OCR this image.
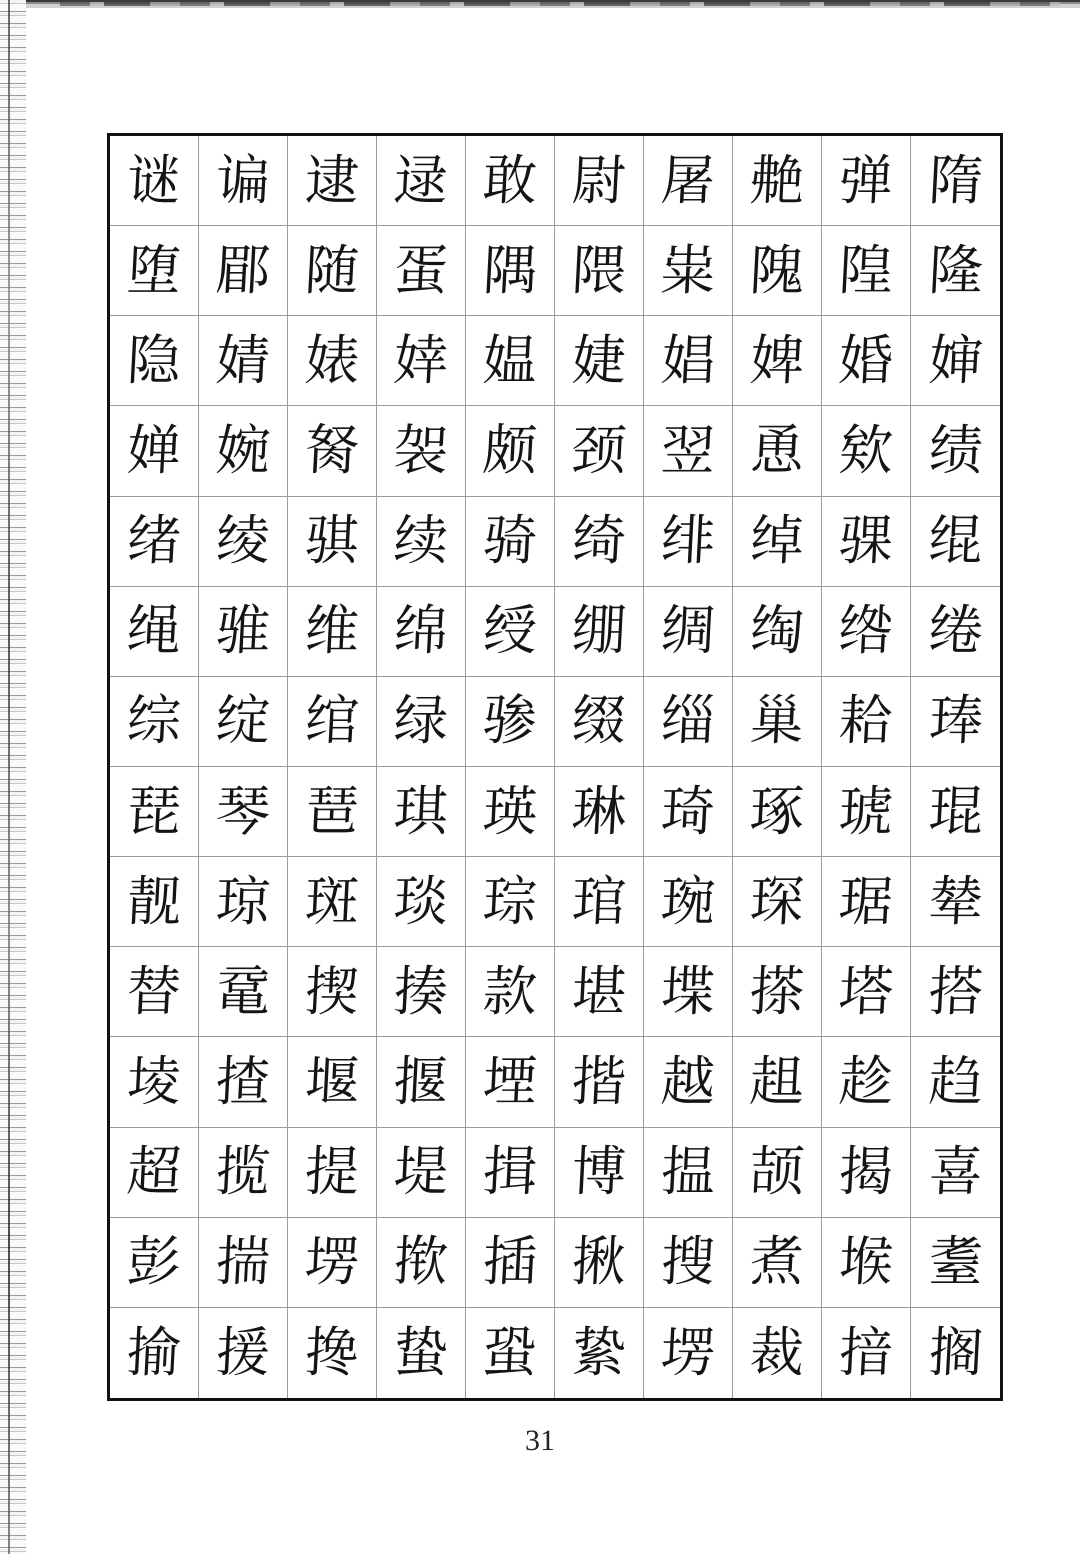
谜 谝 逮 逯 敢 尉 屠 艴 弹 隋
堕 郿 随 蛋 隅 隈 粜 隗 隍 隆
隐 婧 婊 婞 媪 婕 娼 婢 婚 婶
婵 婉 胬 袈 颇 颈 翌 恿 欸 绩
绪 绫 骐 续 骑 绮 绯 绰 骒 绲
绳 骓 维 绵 绶 绷 绸 绹 绺 绻
综 绽 绾 绿 骖 缀 缁 巢 耠 琫
琵 琴 琶 琪 瑛 琳 琦 琢 琥 琨
靓 琼 斑 琰 琮 琯 琬 琛 琚 辇
替 鼋 揳 揍 款 堪 堞 搽 塔 搭
堎 揸 堰 揠 堙 揩 越 趄 趁 趋
超 揽 提 堤 揖 博 揾 颉 揭 喜
彭 揣 塄 揿 插 揪 搜 煮 堠 耋
揄 援 搀 蛰 蛩 絷 塄 裁 揞 搁
31
